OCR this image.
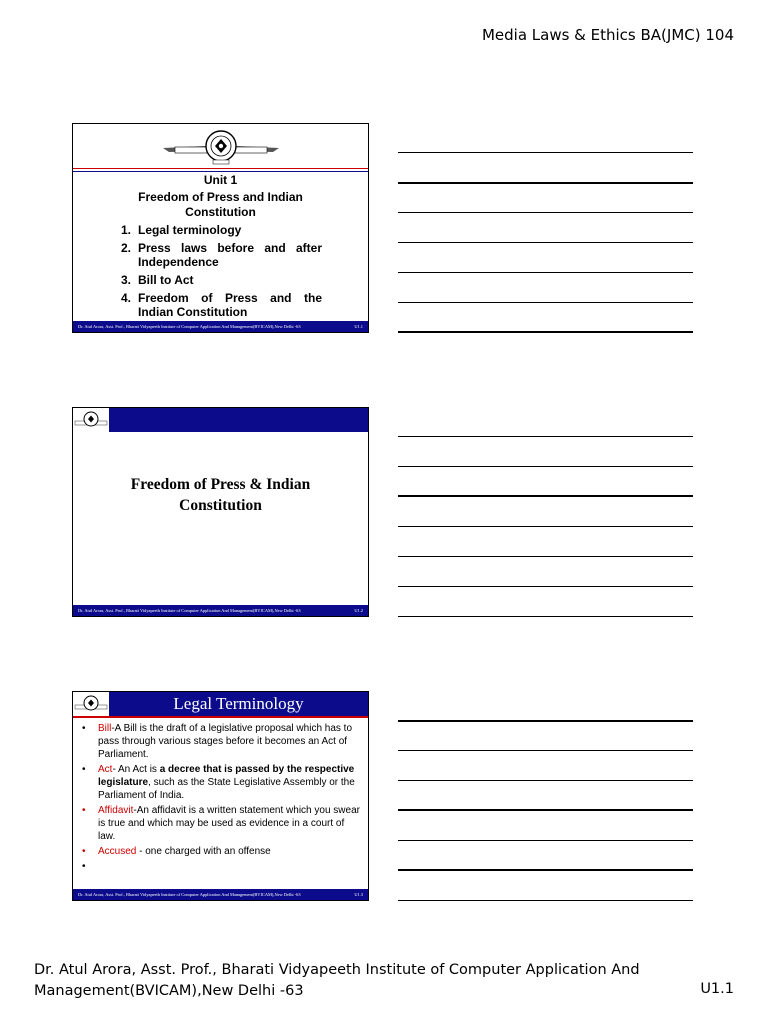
Media Laws & Ethics BA(JMC) 104
Unit 1
Freedom of Press and Indian Constitution
1. Legal terminology
2. Press laws before and after Independence
3. Bill to Act
4. Freedom of Press and the Indian Constitution
Dr. Atul Arora, Asst. Prof., Bharati Vidyapeeth Institute of Computer Application And Management(BVICAM),New Delhi -63	U1.1
Freedom of Press & Indian
Constitution
Dr. Atul Arora, Asst. Prof., Bharati Vidyapeeth Institute of Computer Application And Management(BVICAM),New Delhi -63	U1.2
Legal Terminology
• Bill-A Bill is the draft of a legislative proposal which has to pass through various stages before it becomes an Act of Parliament.
• Act- An Act is a decree that is passed by the respective legislature, such as the State Legislative Assembly or the Parliament of India.
• Affidavit-An affidavit is a written statement which you swear is true and which may be used as evidence in a court of law.
• Accused - one charged with an offense
•
Dr. Atul Arora, Asst. Prof., Bharati Vidyapeeth Institute of Computer Application And Management(BVICAM),New Delhi -63	U1.3
Dr. Atul Arora, Asst. Prof., Bharati Vidyapeeth Institute of Computer Application And
Management(BVICAM),New Delhi -63	U1.1
